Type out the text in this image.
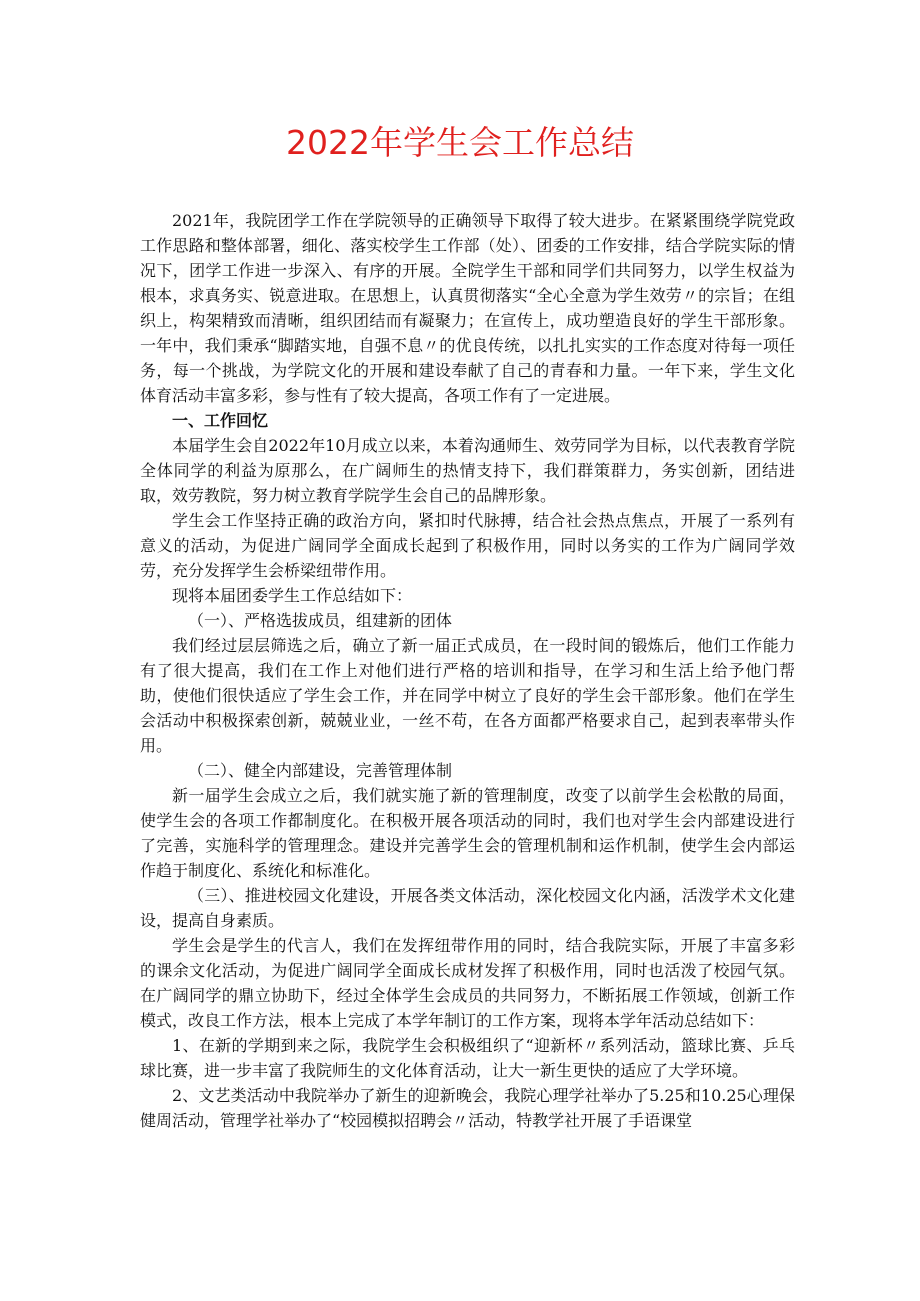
2022年学生会工作总结

2021年，我院团学工作在学院领导的正确领导下取得了较大进步。在紧紧围绕学院党政工作思路和整体部署，细化、落实校学生工作部（处）、团委的工作安排，结合学院实际的情况下，团学工作进一步深入、有序的开展。全院学生干部和同学们共同努力，以学生权益为根本，求真务实、锐意进取。在思想上，认真贯彻落实“全心全意为学生效劳〃的宗旨；在组织上，构架精致而清晰，组织团结而有凝聚力；在宣传上，成功塑造良好的学生干部形象。一年中，我们秉承“脚踏实地，自强不息〃的优良传统，以扎扎实实的工作态度对待每一项任务，每一个挑战，为学院文化的开展和建设奉献了自己的青春和力量。一年下来，学生文化体育活动丰富多彩，参与性有了较大提高，各项工作有了一定进展。

一、工作回忆

本届学生会自2022年10月成立以来，本着沟通师生、效劳同学为目标，以代表教育学院全体同学的利益为原那么，在广阔师生的热情支持下，我们群策群力，务实创新，团结进取，效劳教院，努力树立教育学院学生会自己的品牌形象。

学生会工作坚持正确的政治方向，紧扣时代脉搏，结合社会热点焦点，开展了一系列有意义的活动，为促进广阔同学全面成长起到了积极作用，同时以务实的工作为广阔同学效劳，充分发挥学生会桥梁纽带作用。

现将本届团委学生工作总结如下：

（一）、严格选拔成员，组建新的团体

我们经过层层筛选之后，确立了新一届正式成员，在一段时间的锻炼后，他们工作能力有了很大提高，我们在工作上对他们进行严格的培训和指导，在学习和生活上给予他门帮助，使他们很快适应了学生会工作，并在同学中树立了良好的学生会干部形象。他们在学生会活动中积极探索创新，兢兢业业，一丝不苟，在各方面都严格要求自己，起到表率带头作用。

（二）、健全内部建设，完善管理体制

新一届学生会成立之后，我们就实施了新的管理制度，改变了以前学生会松散的局面，使学生会的各项工作都制度化。在积极开展各项活动的同时，我们也对学生会内部建设进行了完善，实施科学的管理理念。建设并完善学生会的管理机制和运作机制，使学生会内部运作趋于制度化、系统化和标准化。

（三）、推进校园文化建设，开展各类文体活动，深化校园文化内涵，活泼学术文化建设，提高自身素质。

学生会是学生的代言人，我们在发挥纽带作用的同时，结合我院实际，开展了丰富多彩的课余文化活动，为促进广阔同学全面成长成材发挥了积极作用，同时也活泼了校园气氛。在广阔同学的鼎立协助下，经过全体学生会成员的共同努力，不断拓展工作领域，创新工作模式，改良工作方法，根本上完成了本学年制订的工作方案，现将本学年活动总结如下：

1、在新的学期到来之际，我院学生会积极组织了“迎新杯〃系列活动，篮球比赛、乒乓球比赛，进一步丰富了我院师生的文化体育活动，让大一新生更快的适应了大学环境。

2、文艺类活动中我院举办了新生的迎新晚会，我院心理学社举办了5.25和10.25心理保健周活动，管理学社举办了“校园模拟招聘会〃活动，特教学社开展了手语课堂
